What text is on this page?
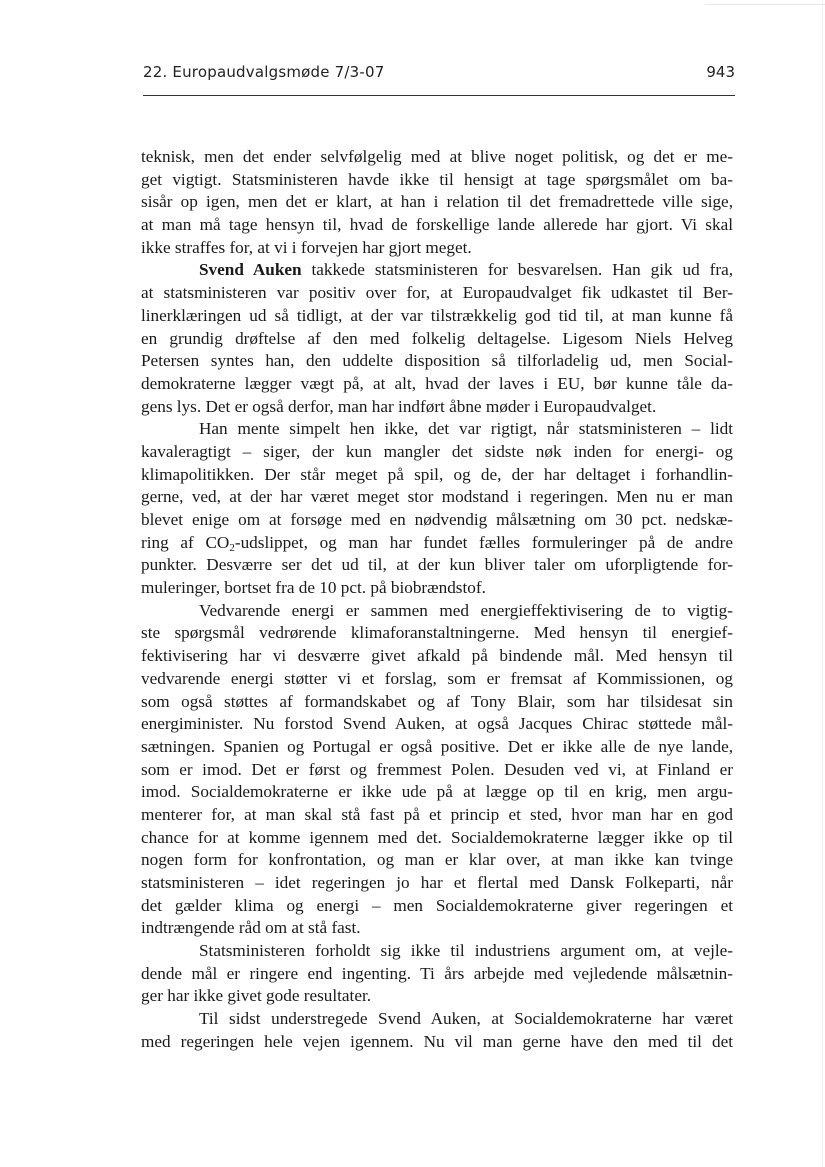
22. Europaudvalgsmøde 7/3-07	943
teknisk, men det ender selvfølgelig med at blive noget politisk, og det er me-
get vigtigt. Statsministeren havde ikke til hensigt at tage spørgsmålet om ba-
sisår op igen, men det er klart, at han i relation til det fremadrettede ville sige,
at man må tage hensyn til, hvad de forskellige lande allerede har gjort. Vi skal
ikke straffes for, at vi i forvejen har gjort meget.
Svend Auken takkede statsministeren for besvarelsen. Han gik ud fra,
at statsministeren var positiv over for, at Europaudvalget fik udkastet til Ber-
linerklæringen ud så tidligt, at der var tilstrækkelig god tid til, at man kunne få
en grundig drøftelse af den med folkelig deltagelse. Ligesom Niels Helveg
Petersen syntes han, den uddelte disposition så tilforladelig ud, men Social-
demokraterne lægger vægt på, at alt, hvad der laves i EU, bør kunne tåle da-
gens lys. Det er også derfor, man har indført åbne møder i Europaudvalget.
Han mente simpelt hen ikke, det var rigtigt, når statsministeren – lidt
kavaleragtigt – siger, der kun mangler det sidste nøk inden for energi- og
klimapolitikken. Der står meget på spil, og de, der har deltaget i forhandlin-
gerne, ved, at der har været meget stor modstand i regeringen. Men nu er man
blevet enige om at forsøge med en nødvendig målsætning om 30 pct. nedskæ-
ring af $CO_2$-udslippet, og man har fundet fælles formuleringer på de andre
punkter. Desværre ser det ud til, at der kun bliver taler om uforpligtende for-
muleringer, bortset fra de 10 pct. på biobrændstof.
Vedvarende energi er sammen med energieffektivisering de to vigtig-
ste spørgsmål vedrørende klimaforanstaltningerne. Med hensyn til energief-
fektivisering har vi desværre givet afkald på bindende mål. Med hensyn til
vedvarende energi støtter vi et forslag, som er fremsat af Kommissionen, og
som også støttes af formandskabet og af Tony Blair, som har tilsidesat sin
energiminister. Nu forstod Svend Auken, at også Jacques Chirac støttede mål-
sætningen. Spanien og Portugal er også positive. Det er ikke alle de nye lande,
som er imod. Det er først og fremmest Polen. Desuden ved vi, at Finland er
imod. Socialdemokraterne er ikke ude på at lægge op til en krig, men argu-
menterer for, at man skal stå fast på et princip et sted, hvor man har en god
chance for at komme igennem med det. Socialdemokraterne lægger ikke op til
nogen form for konfrontation, og man er klar over, at man ikke kan tvinge
statsministeren – idet regeringen jo har et flertal med Dansk Folkeparti, når
det gælder klima og energi – men Socialdemokraterne giver regeringen et
indtrængende råd om at stå fast.
Statsministeren forholdt sig ikke til industriens argument om, at vejle-
dende mål er ringere end ingenting. Ti års arbejde med vejledende målsætnin-
ger har ikke givet gode resultater.
Til sidst understregede Svend Auken, at Socialdemokraterne har været
med regeringen hele vejen igennem. Nu vil man gerne have den med til det
